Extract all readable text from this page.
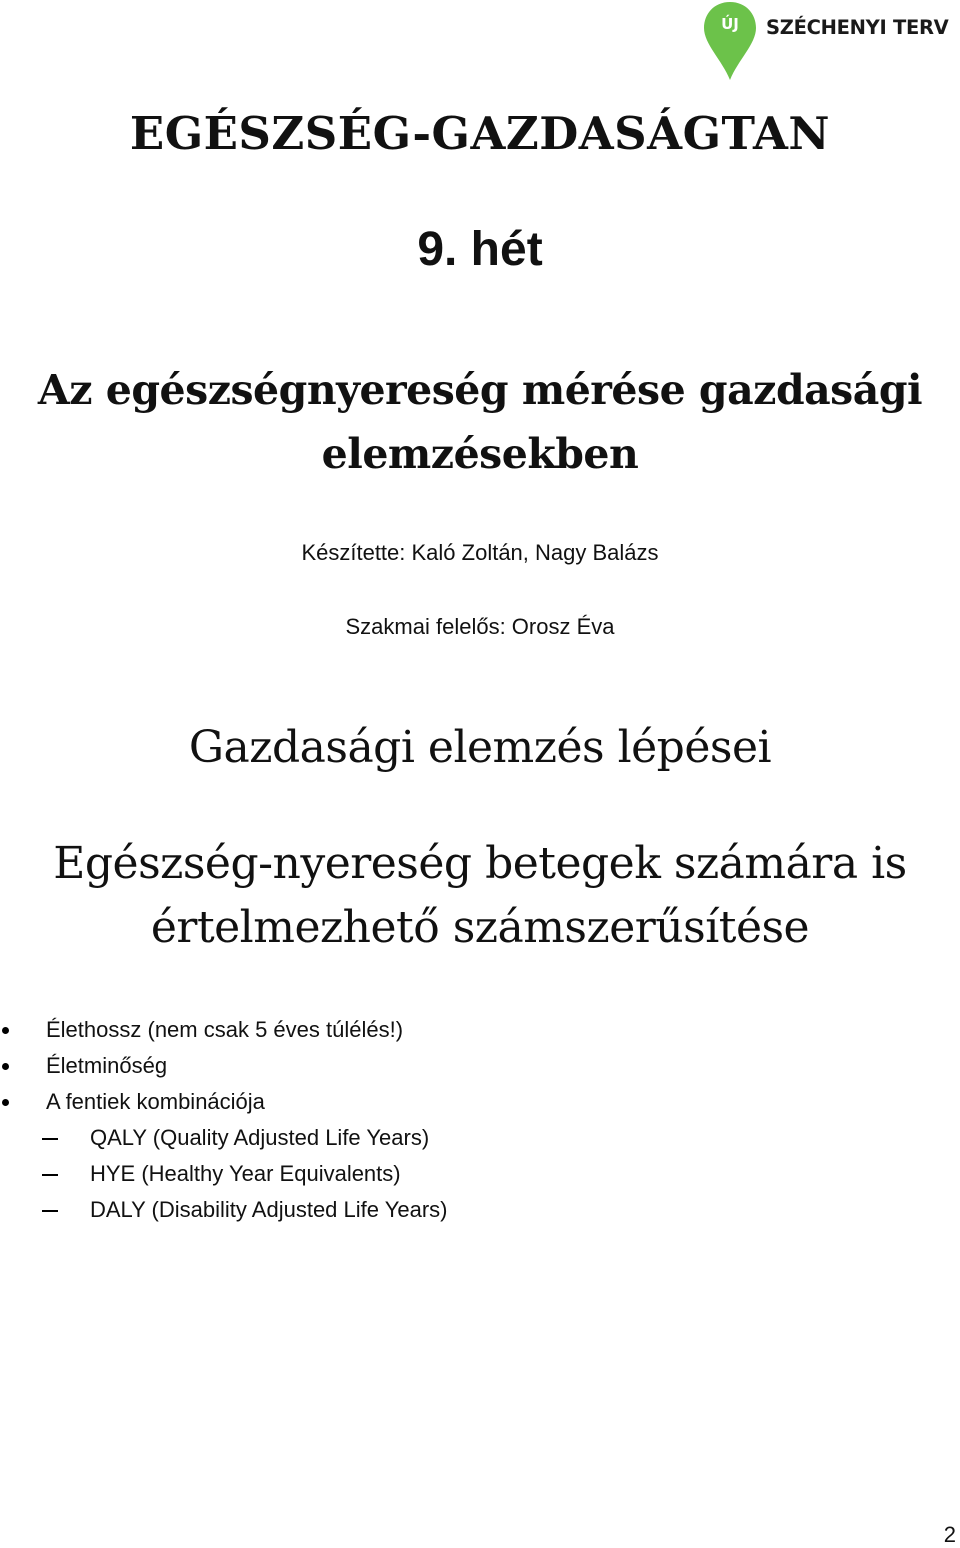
ÚJ	SZÉCHENYI TERV
EGÉSZSÉG-GAZDASÁGTAN
9. hét
Az egészségnyereség mérése gazdasági
elemzésekben
Készítette: Kaló Zoltán, Nagy Balázs
Szakmai felelős: Orosz Éva
Gazdasági elemzés lépései
Egészség-nyereség betegek számára is
értelmezhető számszerűsítése
Élethossz (nem csak 5 éves túlélés!)
Életminőség
A fentiek kombinációja
QALY (Quality Adjusted Life Years)
HYE (Healthy Year Equivalents)
DALY (Disability Adjusted Life Years)
2
